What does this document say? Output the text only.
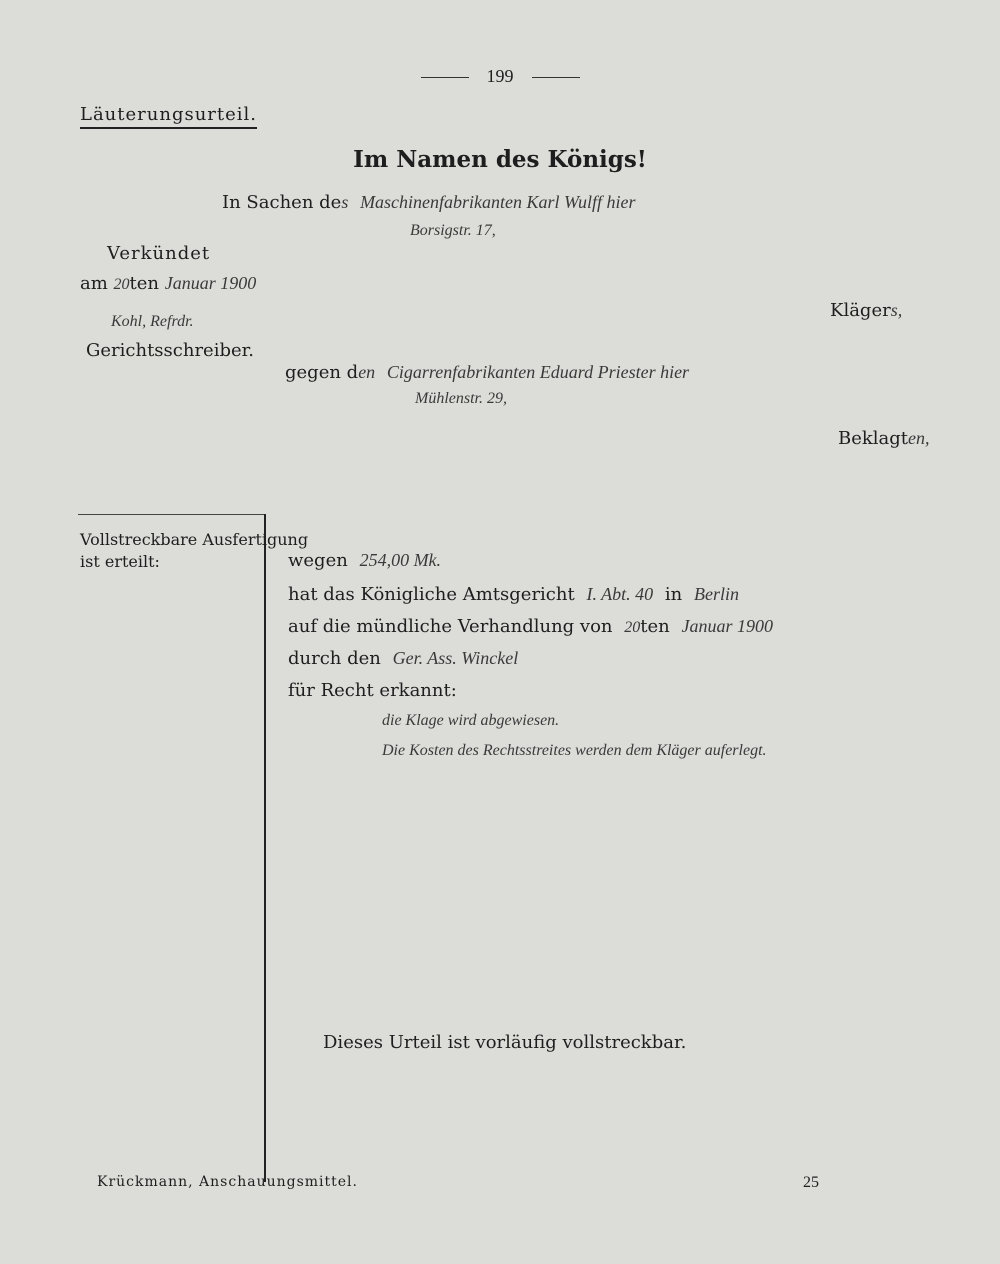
199
Läuterungsurteil.
Im Namen des Königs!
In Sachen des Maschinenfabrikanten Karl Wulff hier
Borsigstr. 17,
Verkündet
am 20ten Januar 1900
Kohl, Refrdr.
Gerichtsschreiber.
Klägers,
gegen den Cigarrenfabrikanten Eduard Priester hier
Mühlenstr. 29,
Beklagten,
Vollstreckbare Ausfertigung
ist erteilt:	wegen 254,00 Mk.
hat das Königliche Amtsgericht I. Abt. 40 in Berlin
auf die mündliche Verhandlung von 20ten Januar 1900
durch den Ger. Ass. Winckel
für Recht erkannt:
die Klage wird abgewiesen.
Die Kosten des Rechtsstreites werden dem Kläger auferlegt.
Dieses Urteil ist vorläufig vollstreckbar.
Krückmann, Anschauungsmittel.	25
